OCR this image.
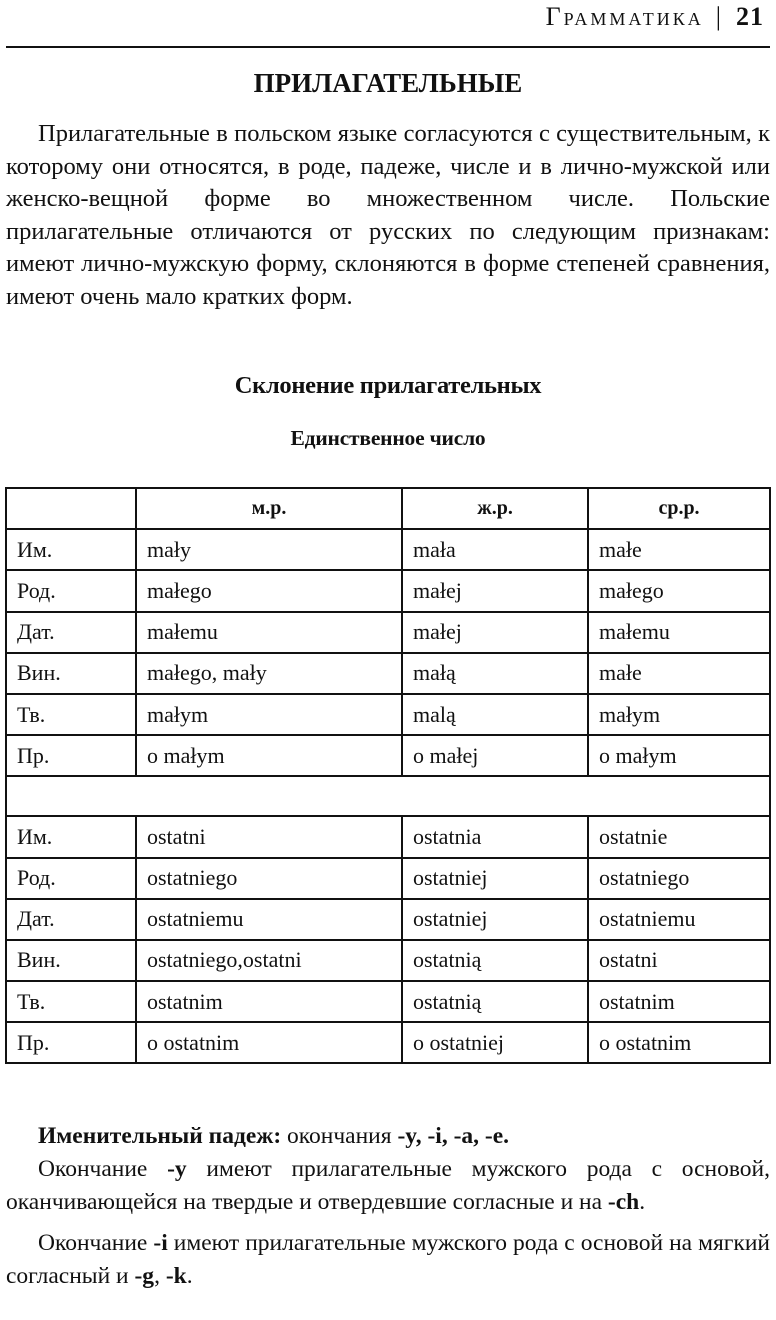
Грамматика | 21
ПРИЛАГАТЕЛЬНЫЕ

Прилагательные в польском языке согласуются с существительным, к которому они относятся, в роде, падеже, числе и в лично-мужской или женско-вещной форме во множественном числе. Польские прилагательные отличаются от русских по следующим признакам: имеют лично-мужскую форму, склоняются в форме степеней сравнения, имеют очень мало кратких форм.

Склонение прилагательных
Единственное число
	м.р.	ж.р.	ср.р.
Им.	mały	mała	małe
Род.	małego	małej	małego
Дат.	małemu	małej	małemu
Вин.	małego, mały	małą	małe
Тв.	małym	malą	małym
Пр.	o małym	o małej	o małym

Им.	ostatni	ostatnia	ostatnie
Род.	ostatniego	ostatniej	ostatniego
Дат.	ostatniemu	ostatniej	ostatniemu
Вин.	ostatniego,ostatni	ostatnią	ostatni
Тв.	ostatnim	ostatnią	ostatnim
Пр.	o ostatnim	o ostatniej	o ostatnim

Именительный падеж: окончания -y, -i, -a, -e.

Окончание -y имеют прилагательные мужского рода с основой, оканчивающейся на твердые и отвердевшие согласные и на -ch.

Окончание -i имеют прилагательные мужского рода с основой на мягкий согласный и -g, -k.
